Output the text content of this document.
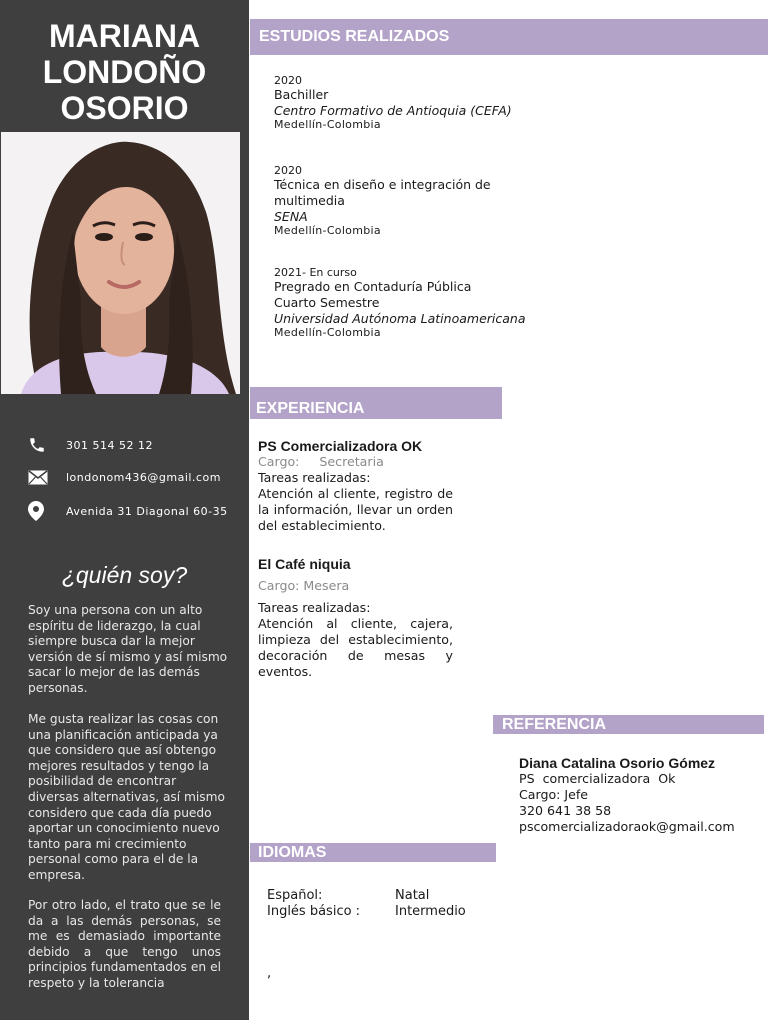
MARIANA
LONDOÑO
OSORIO
301 514 52 12
londonom436@gmail.com
Avenida 31 Diagonal 60-35
¿quién soy?
Soy una persona con un alto espíritu de liderazgo, la cual siempre busca dar la mejor versión de sí mismo y así mismo sacar lo mejor de las demás personas.
Me gusta realizar las cosas con una planificación anticipada ya que considero que así obtengo mejores resultados y tengo la posibilidad de encontrar diversas alternativas, así mismo considero que cada día puedo aportar un conocimiento nuevo tanto para mi crecimiento personal como para el de la empresa.
Por otro lado, el trato que se le da a las demás personas, se me es demasiado importante debido a que tengo unos principios fundamentados en el respeto y la tolerancia
ESTUDIOS REALIZADOS
2020
Bachiller
Centro Formativo de Antioquia (CEFA)
Medellín-Colombia
2020
Técnica en diseño e integración de
multimedia
SENA
Medellín-Colombia
2021- En curso
Pregrado en Contaduría Pública
Cuarto Semestre
Universidad Autónoma Latinoamericana
Medellín-Colombia
EXPERIENCIA
PS Comercializadora OK
Cargo:     Secretaria
Tareas realizadas:
Atención al cliente, registro de la información, llevar un orden del establecimiento.
El Café niquia
Cargo: Mesera
Tareas realizadas:
Atención al cliente, cajera, limpieza del establecimiento, decoración de mesas y eventos.
REFERENCIA
Diana Catalina Osorio Gómez
PS  comercializadora  Ok
Cargo: Jefe
320 641 38 58
pscomercializadoraok@gmail.com
IDIOMAS
Español:	Natal
Inglés básico :	Intermedio
,
